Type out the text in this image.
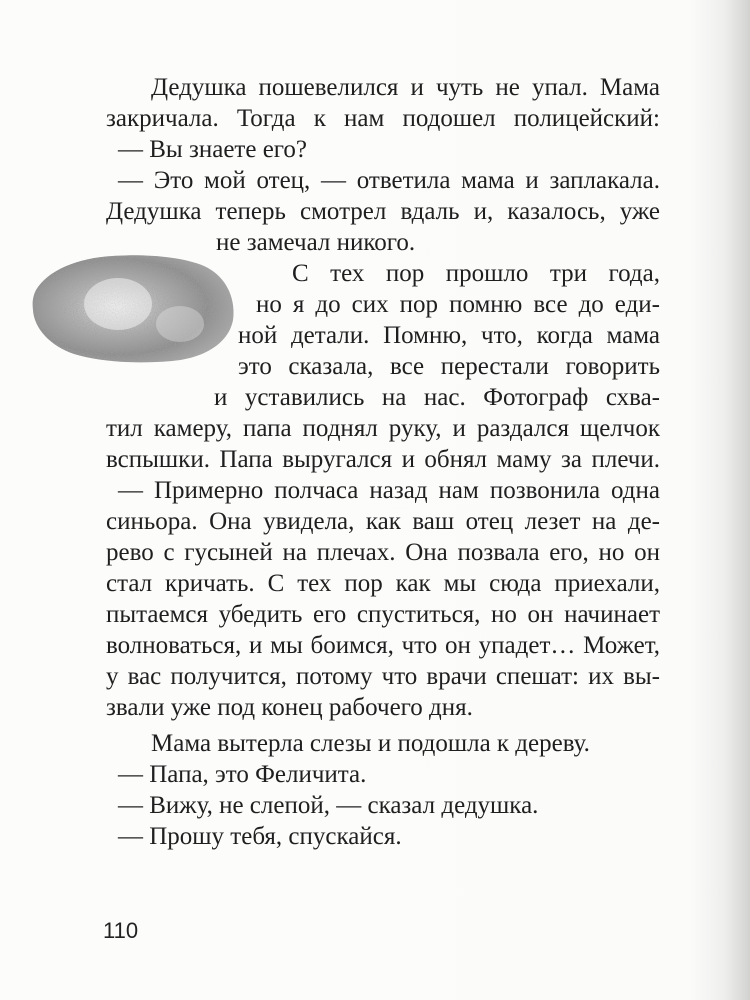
Дедушка пошевелился и чуть не упал. Мама
закричала. Тогда к нам подошел полицейский:
— Вы знаете его?
— Это мой отец, — ответила мама и заплакала.
Дедушка теперь смотрел вдаль и, казалось, уже
не замечал никого.
С тех пор прошло три года,
но я до сих пор помню все до еди-
ной детали. Помню, что, когда мама
это сказала, все перестали говорить
и уставились на нас. Фотограф схва-
тил камеру, папа поднял руку, и раздался щелчок
вспышки. Папа выругался и обнял маму за плечи.
— Примерно полчаса назад нам позвонила одна
синьора. Она увидела, как ваш отец лезет на де-
рево с гусыней на плечах. Она позвала его, но он
стал кричать. С тех пор как мы сюда приехали,
пытаемся убедить его спуститься, но он начинает
волноваться, и мы боимся, что он упадет… Может,
у вас получится, потому что врачи спешат: их вы-
звали уже под конец рабочего дня.
Мама вытерла слезы и подошла к дереву.
— Папа, это Феличита.
— Вижу, не слепой, — сказал дедушка.
— Прошу тебя, спускайся.
110
